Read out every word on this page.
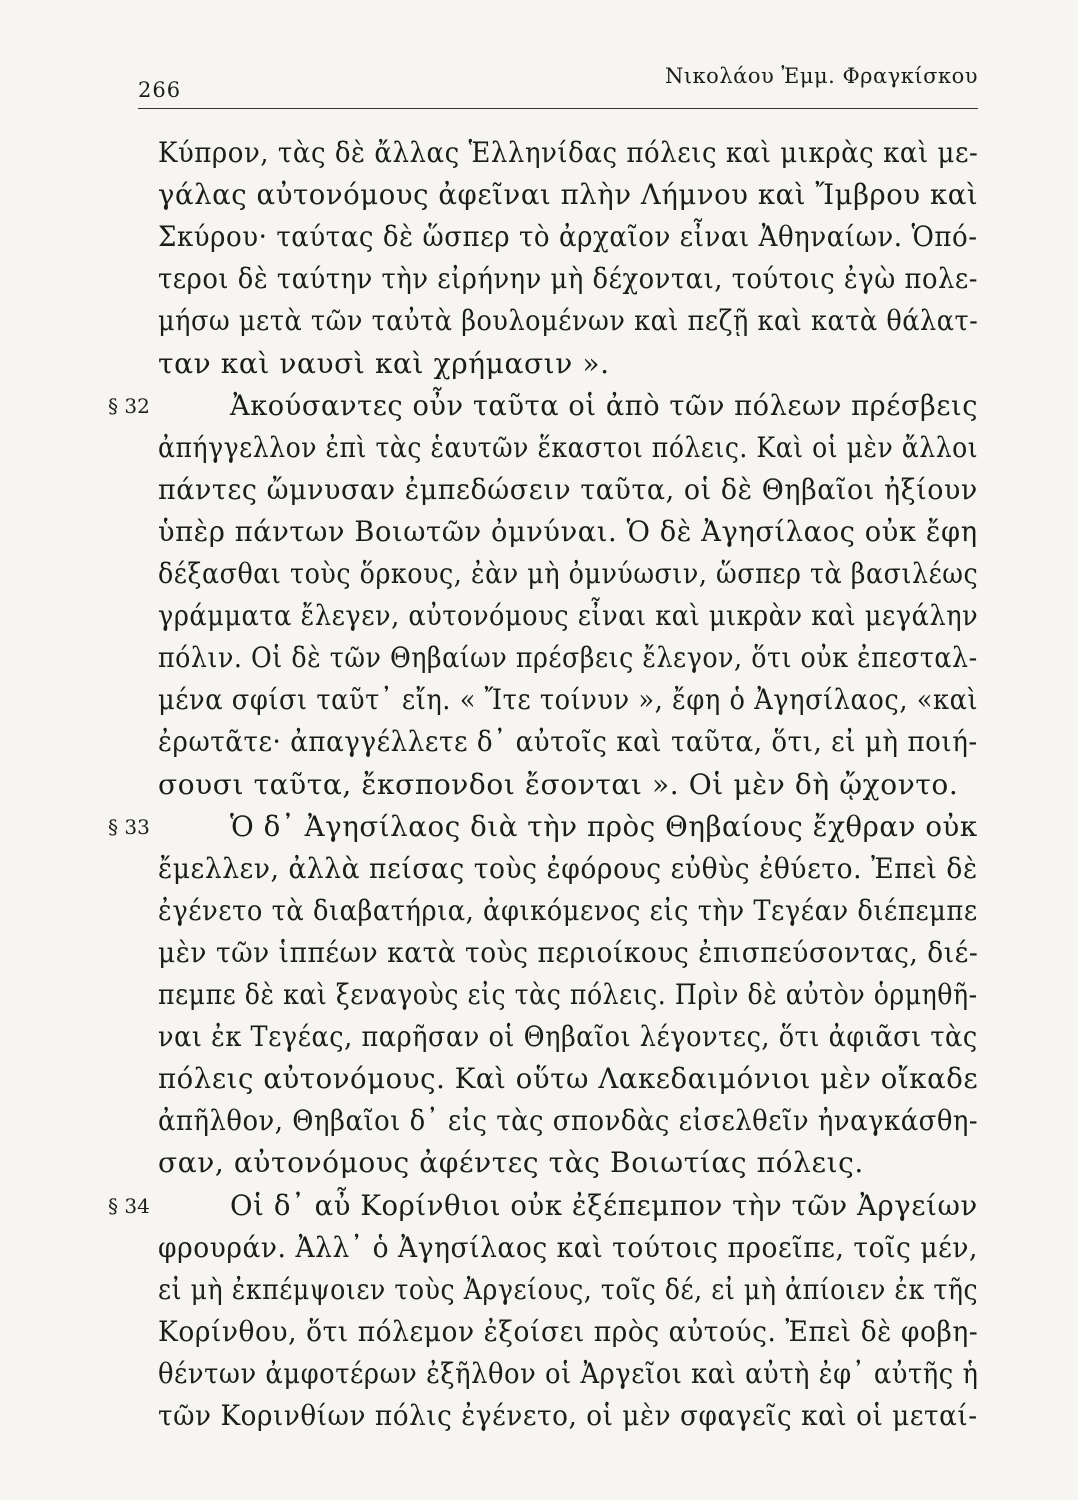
266
Νικολάου Ἐμμ. Φραγκίσκου
Κύπρον, τὰς δὲ ἄλλας Ἑλληνίδας πόλεις καὶ μικρὰς καὶ με-
γάλας αὐτονόμους ἀφεῖναι πλὴν Λήμνου καὶ Ἴμβρου καὶ
Σκύρου· ταύτας δὲ ὥσπερ τὸ ἀρχαῖον εἶναι Ἀθηναίων. Ὁπό-
τεροι δὲ ταύτην τὴν εἰρήνην μὴ δέχονται, τούτοις ἐγὼ πολε-
μήσω μετὰ τῶν ταὐτὰ βουλομένων καὶ πεζῇ καὶ κατὰ θάλατ-
ταν καὶ ναυσὶ καὶ χρήμασιν ».
§ 32	Ἀκούσαντες οὖν ταῦτα οἱ ἀπὸ τῶν πόλεων πρέσβεις
ἀπήγγελλον ἐπὶ τὰς ἑαυτῶν ἕκαστοι πόλεις. Καὶ οἱ μὲν ἄλλοι
πάντες ὤμνυσαν ἐμπεδώσειν ταῦτα, οἱ δὲ Θηβαῖοι ἠξίουν
ὑπὲρ πάντων Βοιωτῶν ὀμνύναι. Ὁ δὲ Ἀγησίλαος οὐκ ἔφη
δέξασθαι τοὺς ὅρκους, ἐὰν μὴ ὀμνύωσιν, ὥσπερ τὰ βασιλέως
γράμματα ἔλεγεν, αὐτονόμους εἶναι καὶ μικρὰν καὶ μεγάλην
πόλιν. Οἱ δὲ τῶν Θηβαίων πρέσβεις ἔλεγον, ὅτι οὐκ ἐπεσταλ-
μένα σφίσι ταῦτ᾽ εἴη. « Ἴτε τοίνυν », ἔφη ὁ Ἀγησίλαος, «καὶ
ἐρωτᾶτε· ἀπαγγέλλετε δ᾽ αὐτοῖς καὶ ταῦτα, ὅτι, εἰ μὴ ποιή-
σουσι ταῦτα, ἔκσπονδοι ἔσονται ». Οἱ μὲν δὴ ᾤχοντο.
§ 33	Ὁ δ᾽ Ἀγησίλαος διὰ τὴν πρὸς Θηβαίους ἔχθραν οὐκ
ἔμελλεν, ἀλλὰ πείσας τοὺς ἐφόρους εὐθὺς ἐθύετο. Ἐπεὶ δὲ
ἐγένετο τὰ διαβατήρια, ἀφικόμενος εἰς τὴν Τεγέαν διέπεμπε
μὲν τῶν ἱππέων κατὰ τοὺς περιοίκους ἐπισπεύσοντας, διέ-
πεμπε δὲ καὶ ξεναγοὺς εἰς τὰς πόλεις. Πρὶν δὲ αὐτὸν ὁρμηθῆ-
ναι ἐκ Τεγέας, παρῆσαν οἱ Θηβαῖοι λέγοντες, ὅτι ἀφιᾶσι τὰς
πόλεις αὐτονόμους. Καὶ οὕτω Λακεδαιμόνιοι μὲν οἴκαδε
ἀπῆλθον, Θηβαῖοι δ᾽ εἰς τὰς σπονδὰς εἰσελθεῖν ἠναγκάσθη-
σαν, αὐτονόμους ἀφέντες τὰς Βοιωτίας πόλεις.
§ 34	Οἱ δ᾽ αὖ Κορίνθιοι οὐκ ἐξέπεμπον τὴν τῶν Ἀργείων
φρουράν. Ἀλλ᾽ ὁ Ἀγησίλαος καὶ τούτοις προεῖπε, τοῖς μέν,
εἰ μὴ ἐκπέμψοιεν τοὺς Ἀργείους, τοῖς δέ, εἰ μὴ ἀπίοιεν ἐκ τῆς
Κορίνθου, ὅτι πόλεμον ἐξοίσει πρὸς αὐτούς. Ἐπεὶ δὲ φοβη-
θέντων ἀμφοτέρων ἐξῆλθον οἱ Ἀργεῖοι καὶ αὐτὴ ἐφ᾽ αὐτῆς ἡ
τῶν Κορινθίων πόλις ἐγένετο, οἱ μὲν σφαγεῖς καὶ οἱ μεταί-
